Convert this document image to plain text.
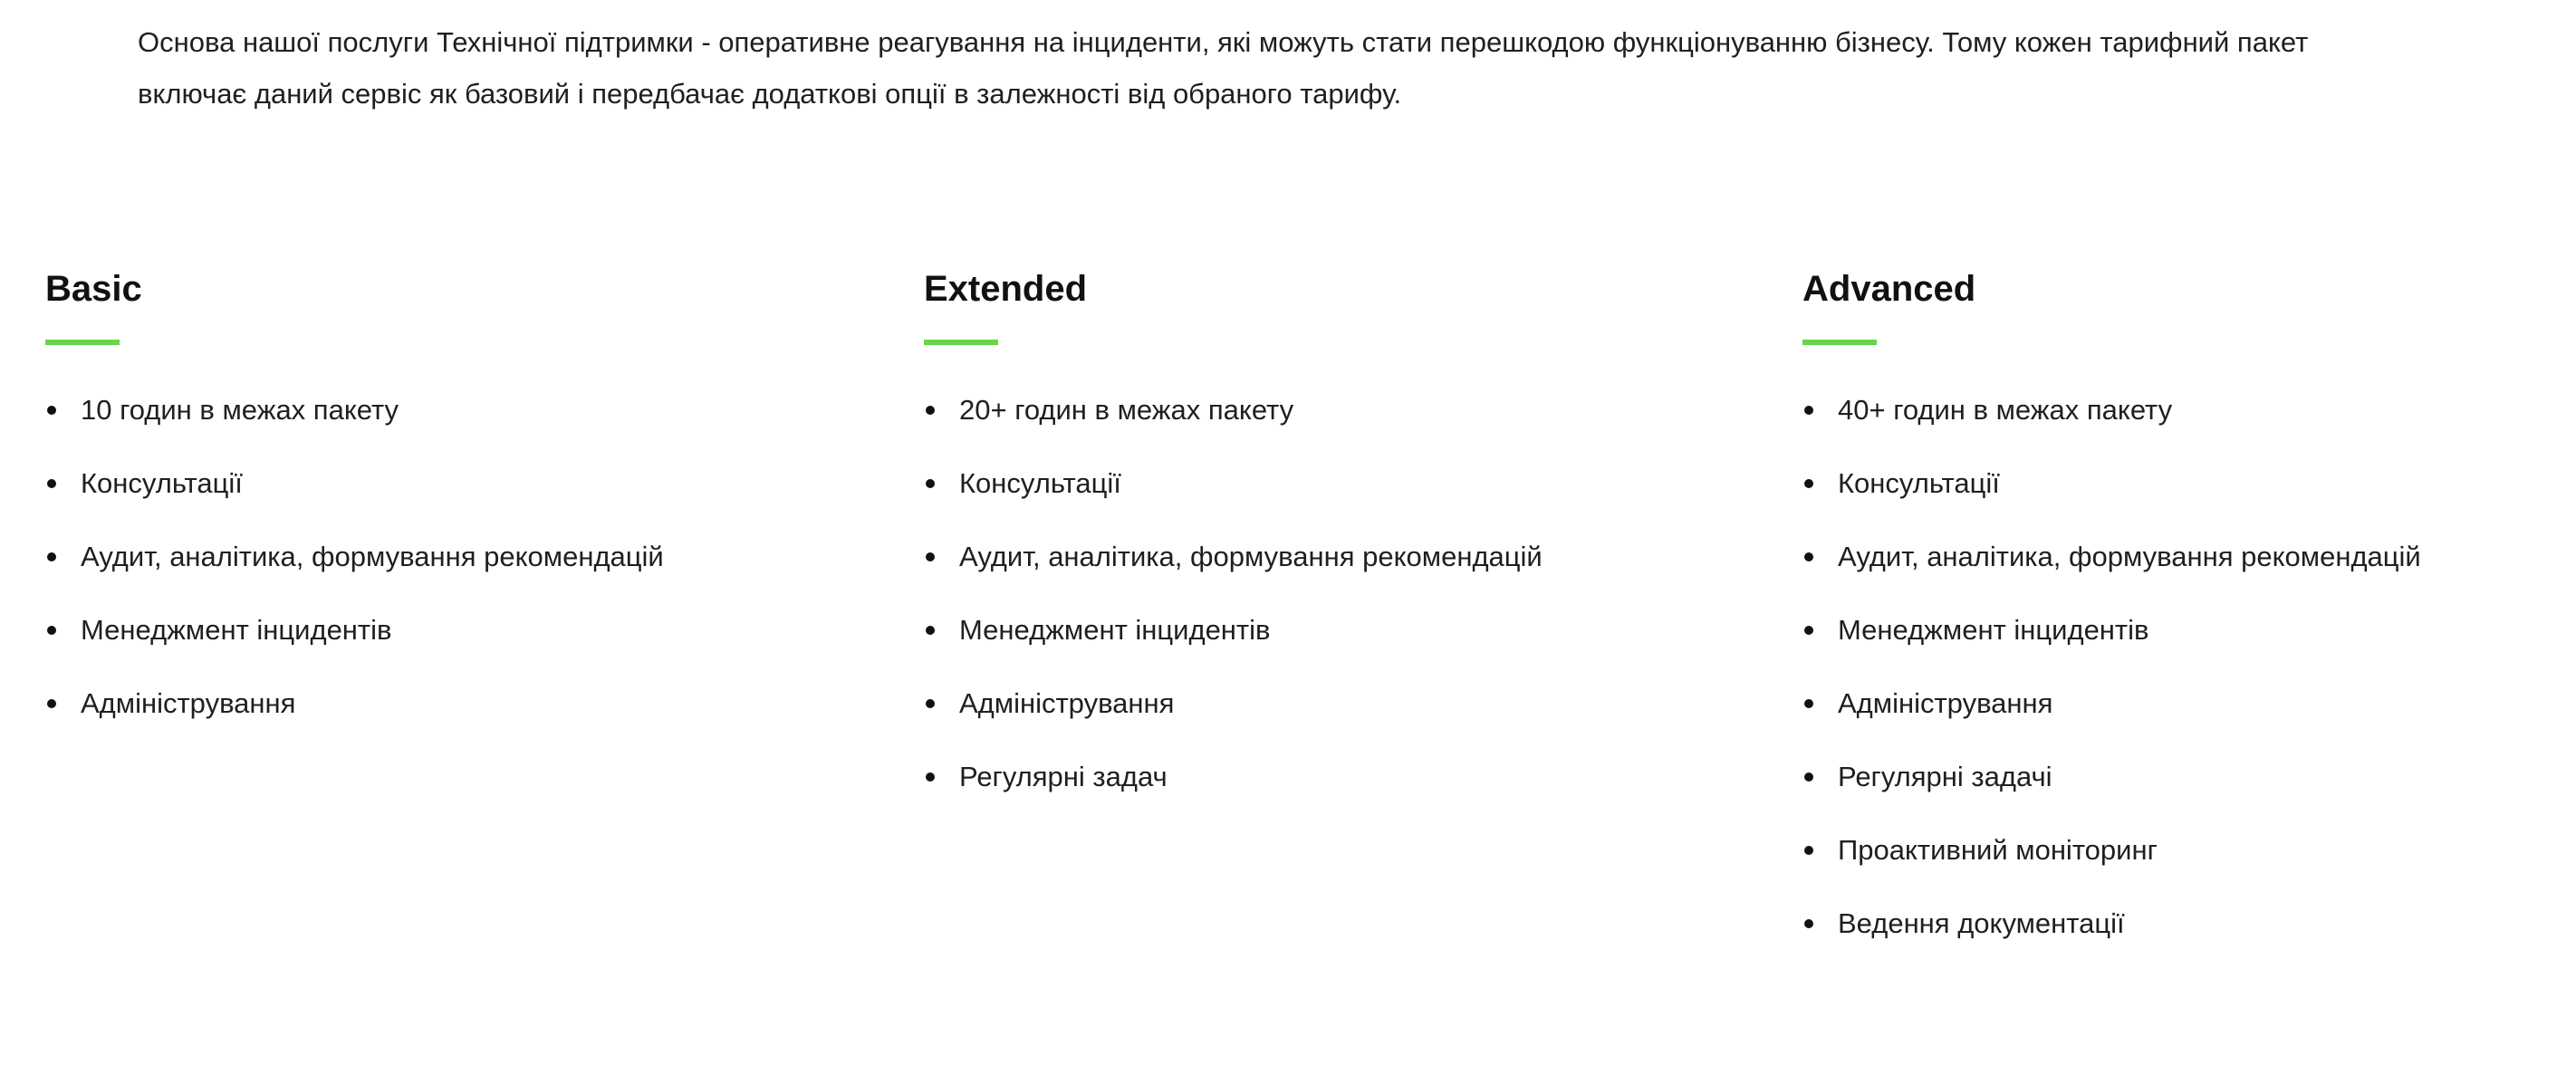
Основа нашої послуги Технічної підтримки - оперативне реагування на інциденти, які можуть стати перешкодою функціонуванню бізнесу. Тому кожен тарифний пакет
включає даний сервіс як базовий і передбачає додаткові опції в залежності від обраного тарифу.

Basic
10 годин в межах пакету
Консультації
Аудит, аналітика, формування рекомендацій
Менеджмент інцидентів
Адміністрування
Extended
20+ годин в межах пакету
Консультації
Аудит, аналітика, формування рекомендацій
Менеджмент інцидентів
Адміністрування
Регулярні задач
Advanced
40+ годин в межах пакету
Консультації
Аудит, аналітика, формування рекомендацій
Менеджмент інцидентів
Адміністрування
Регулярні задачі
Проактивний моніторинг
Ведення документації
